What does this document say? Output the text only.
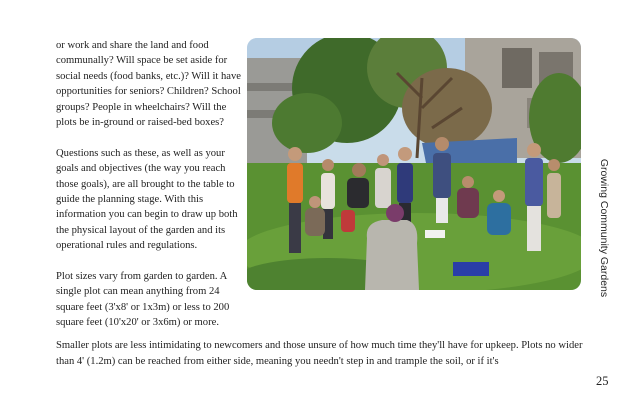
or work and share the land and food communally? Will space be set aside for social needs (food banks, etc.)? Will it have opportunities for seniors? Children? School groups? People in wheelchairs? Will the plots be in-ground or raised-bed boxes?

Questions such as these, as well as your goals and objectives (the way you reach those goals), are all brought to the table to guide the planning stage. With this information you can begin to draw up both the physical layout of the garden and its operational rules and regulations.

Plot sizes vary from garden to garden. A single plot can mean anything from 24 square feet (3'x8' or 1x3m) or less to 200 square feet (10'x20' or 3x6m) or more.

Smaller plots are less intimidating to newcomers and those unsure of how much time they'll have for upkeep. Plots no wider than 4' (1.2m) can be reached from either side, meaning you needn't step in and trample the soil, or if it's
Growing Community Gardens
25
